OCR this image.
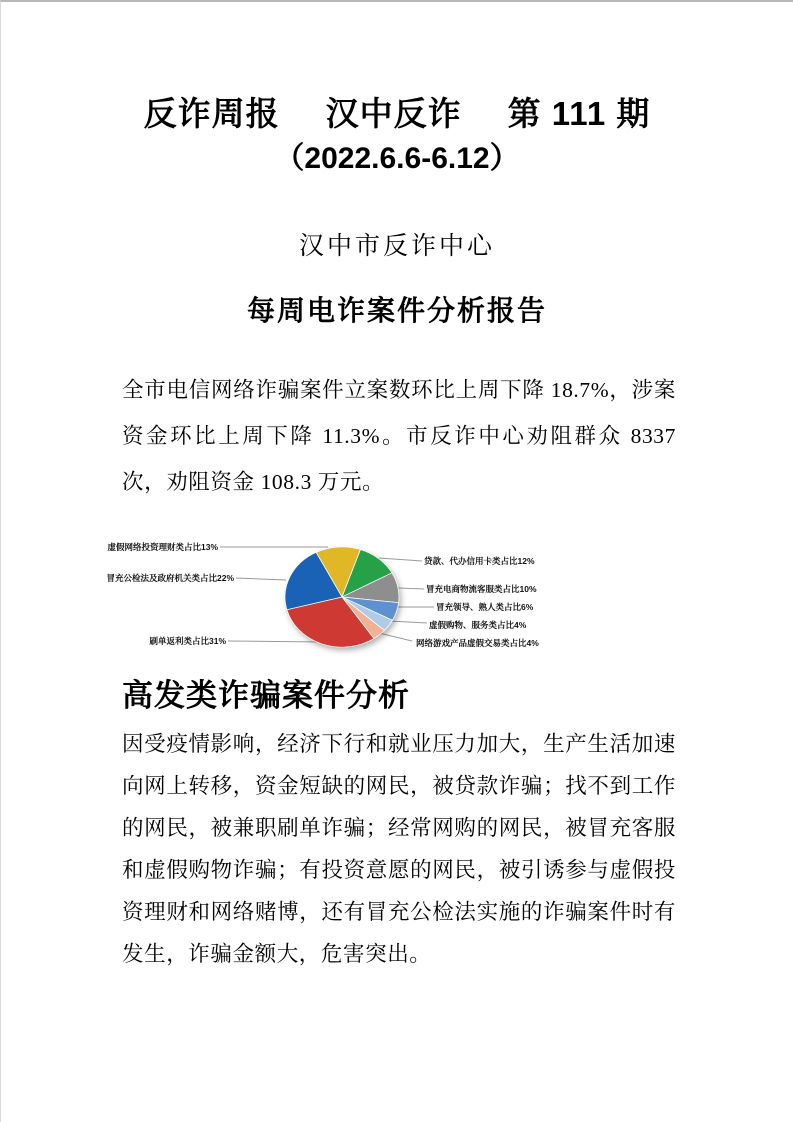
反诈周报 汉中反诈 第 111 期
（2022.6.6-6.12）
汉中市反诈中心
每周电诈案件分析报告

全市电信网络诈骗案件立案数环比上周下降 18.7%，涉案资金环比上周下降 11.3%。市反诈中心劝阻群众 8337 次，劝阻资金 108.3 万元。

虚假网络投资理财类占比13%
冒充公检法及政府机关类占比22%
刷单返利类占比31%
贷款、代办信用卡类占比12%
冒充电商物流客服类占比10%
冒充领导、熟人类占比6%
虚假购物、服务类占比4%
网络游戏产品虚假交易类占比4%
高发类诈骗案件分析

因受疫情影响，经济下行和就业压力加大，生产生活加速向网上转移，资金短缺的网民，被贷款诈骗；找不到工作的网民，被兼职刷单诈骗；经常网购的网民，被冒充客服和虚假购物诈骗；有投资意愿的网民，被引诱参与虚假投资理财和网络赌博，还有冒充公检法实施的诈骗案件时有发生，诈骗金额大，危害突出。
